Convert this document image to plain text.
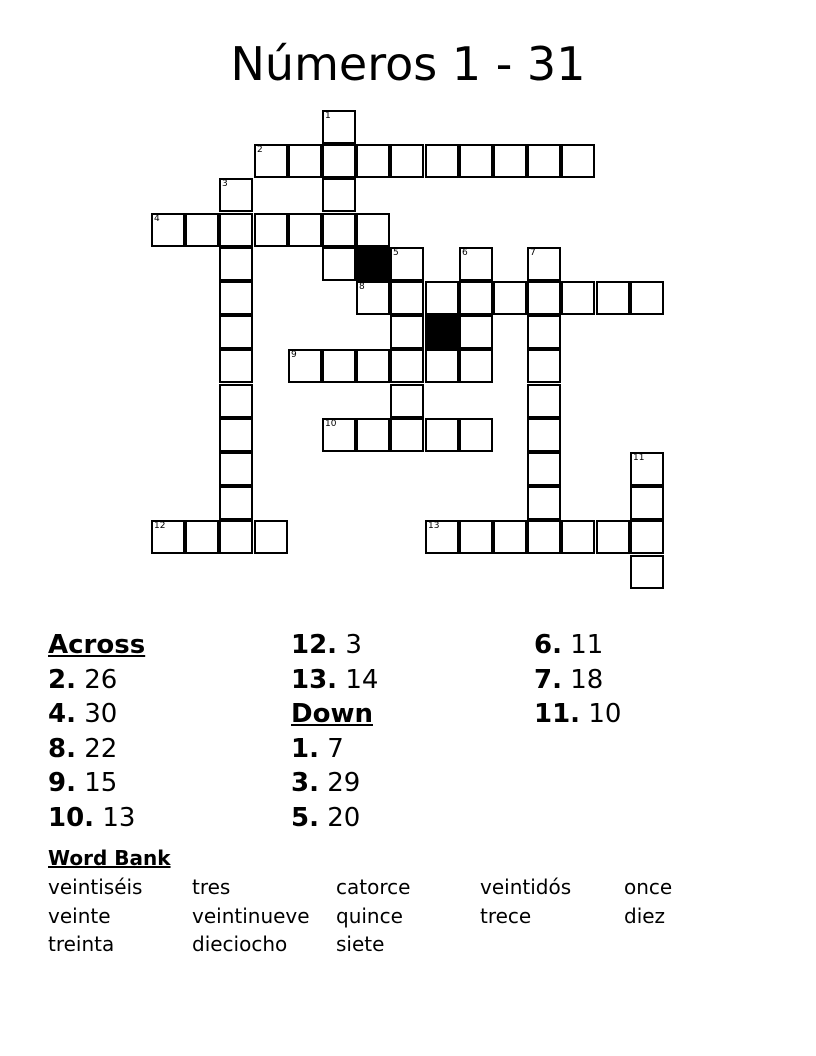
Números 1 - 31
1
2
3
4
5	6	7
8
9
10
11
12	13
Across
2. 26
4. 30
8. 22
9. 15
10. 13
12. 3
13. 14
Down
1. 7
3. 29
5. 20
6. 11
7. 18
11. 10
Word Bank
veintiséis tres	catorce	veintidós	once
veinte	veintinueve quince	trece	diez
treinta	dieciocho siete
